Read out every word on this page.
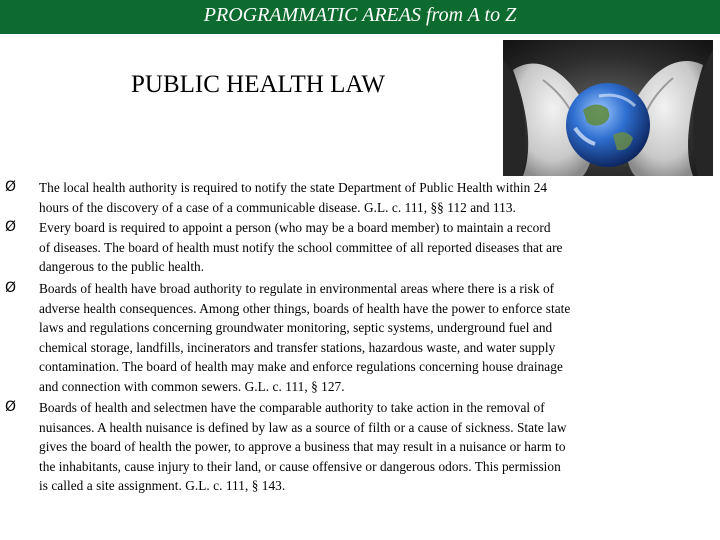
PROGRAMMATIC AREAS from A to Z
PUBLIC HEALTH LAW
Ø The local health authority is required to notify the state Department of Public Health within 24
hours of the discovery of a case of a communicable disease. G.L. c. 111, §§ 112 and 113.
Ø Every board is required to appoint a person (who may be a board member) to maintain a record
of diseases. The board of health must notify the school committee of all reported diseases that are
dangerous to the public health.
Ø Boards of health have broad authority to regulate in environmental areas where there is a risk of
adverse health consequences. Among other things, boards of health have the power to enforce state
laws and regulations concerning groundwater monitoring, septic systems, underground fuel and
chemical storage, landfills, incinerators and transfer stations, hazardous waste, and water supply
contamination. The board of health may make and enforce regulations concerning house drainage
and connection with common sewers. G.L. c. 111, § 127.
Ø Boards of health and selectmen have the comparable authority to take action in the removal of
nuisances. A health nuisance is defined by law as a source of filth or a cause of sickness. State law
gives the board of health the power, to approve a business that may result in a nuisance or harm to
the inhabitants, cause injury to their land, or cause offensive or dangerous odors. This permission
is called a site assignment. G.L. c. 111, § 143.
